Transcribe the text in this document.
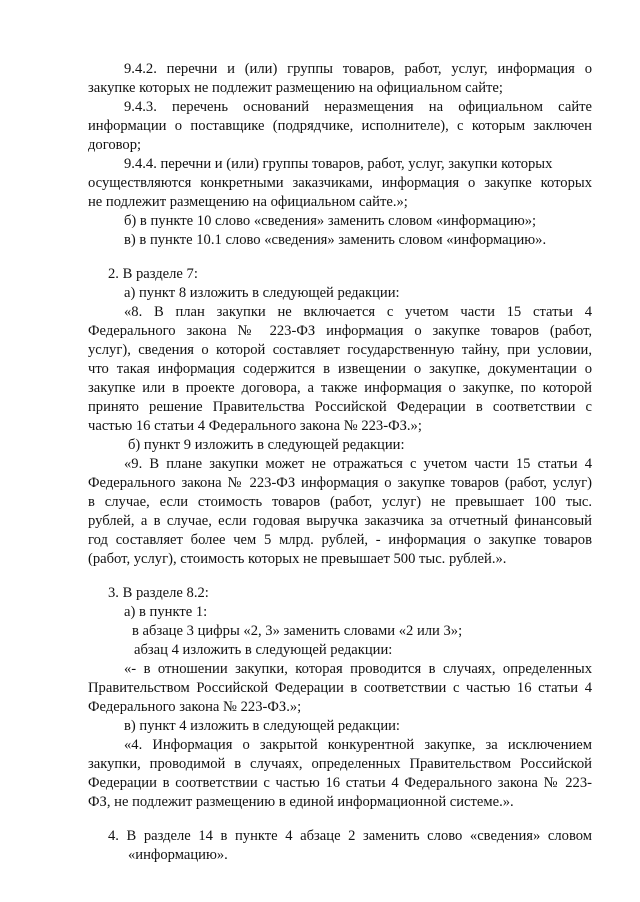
9.4.2. перечни и (или) группы товаров, работ, услуг, информация о
закупке которых не подлежит размещению на официальном сайте;
9.4.3. перечень оснований неразмещения на официальном сайте
информации о поставщике (подрядчике, исполнителе), с которым заключен
договор;
9.4.4. перечни и (или) группы товаров, работ, услуг, закупки которых
осуществляются конкретными заказчиками, информация о закупке которых
не подлежит размещению на официальном сайте.»;
б) в пункте 10 слово «сведения» заменить словом «информацию»;
в) в пункте 10.1 слово «сведения» заменить словом «информацию».
2. В разделе 7:
а) пункт 8 изложить в следующей редакции:
«8. В план закупки не включается с учетом части 15 статьи 4
Федерального закона № 223-ФЗ информация о закупке товаров (работ,
услуг), сведения о которой составляет государственную тайну, при условии,
что такая информация содержится в извещении о закупке, документации о
закупке или в проекте договора, а также информация о закупке, по которой
принято решение Правительства Российской Федерации в соответствии с
частью 16 статьи 4 Федерального закона № 223-ФЗ.»;
б) пункт 9 изложить в следующей редакции:
«9. В плане закупки может не отражаться с учетом части 15 статьи 4
Федерального закона № 223-ФЗ информация о закупке товаров (работ, услуг)
в случае, если стоимость товаров (работ, услуг) не превышает 100 тыс.
рублей, а в случае, если годовая выручка заказчика за отчетный финансовый
год составляет более чем 5 млрд. рублей, - информация о закупке товаров
(работ, услуг), стоимость которых не превышает 500 тыс. рублей.».
3. В разделе 8.2:
а) в пункте 1:
в абзаце 3 цифры «2, 3» заменить словами «2 или 3»;
абзац 4 изложить в следующей редакции:
«- в отношении закупки, которая проводится в случаях, определенных
Правительством Российской Федерации в соответствии с частью 16 статьи 4
Федерального закона № 223-ФЗ.»;
в) пункт 4 изложить в следующей редакции:
«4. Информация о закрытой конкурентной закупке, за исключением
закупки, проводимой в случаях, определенных Правительством Российской
Федерации в соответствии с частью 16 статьи 4 Федерального закона № 223-
ФЗ, не подлежит размещению в единой информационной системе.».
4. В разделе 14 в пункте 4 абзаце 2 заменить слово «сведения» словом
«информацию».
